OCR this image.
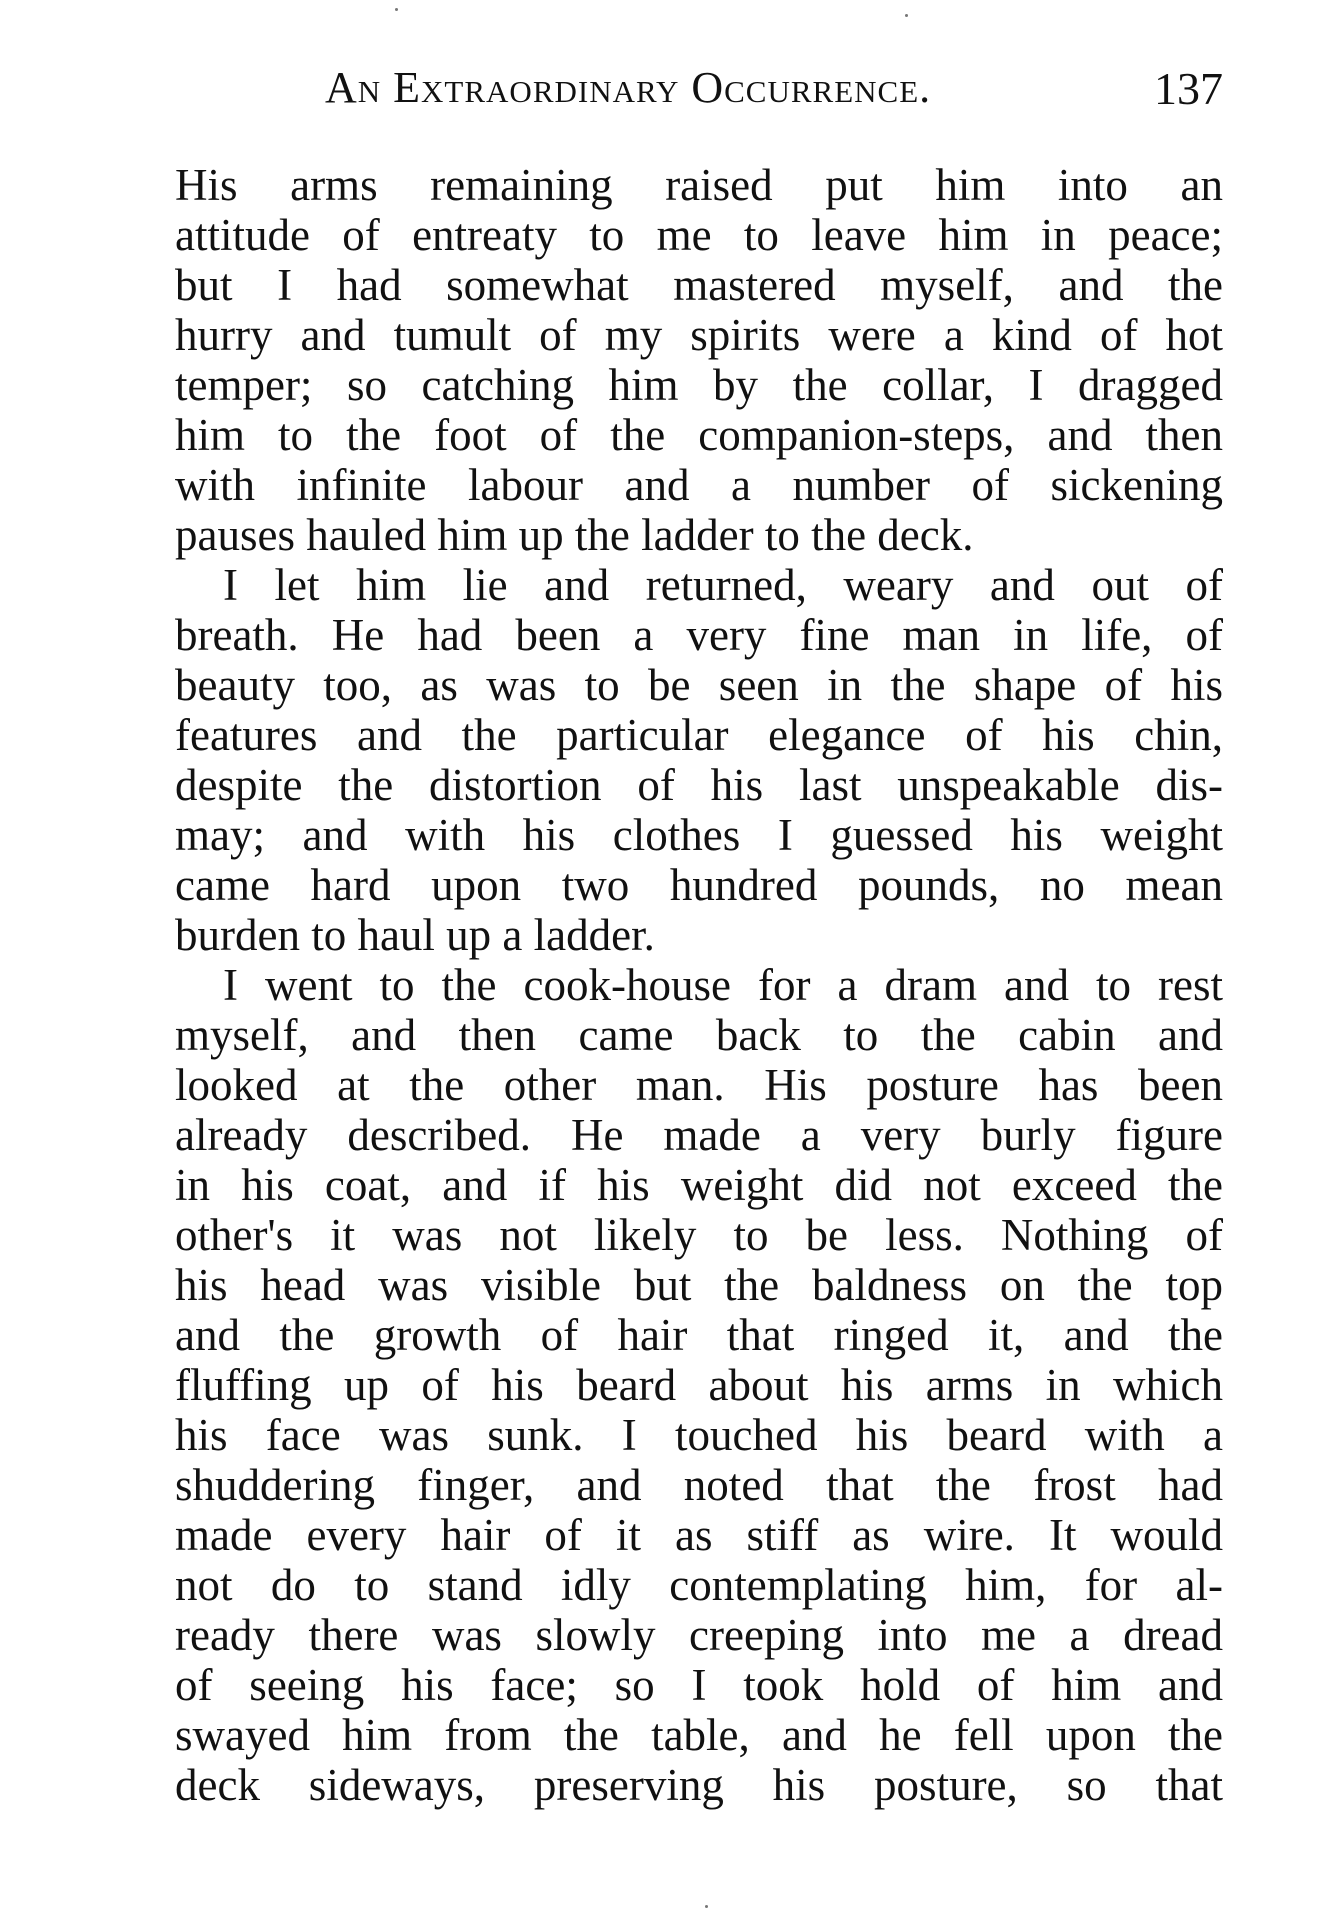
An Extraordinary Occurrence.	137
His arms remaining raised put him into an
attitude of entreaty to me to leave him in peace;
but I had somewhat mastered myself, and the
hurry and tumult of my spirits were a kind of hot
temper; so catching him by the collar, I dragged
him to the foot of the companion-steps, and then
with infinite labour and a number of sickening
pauses hauled him up the ladder to the deck.
I let him lie and returned, weary and out of
breath. He had been a very fine man in life, of
beauty too, as was to be seen in the shape of his
features and the particular elegance of his chin,
despite the distortion of his last unspeakable dis-
may; and with his clothes I guessed his weight
came hard upon two hundred pounds, no mean
burden to haul up a ladder.
I went to the cook-house for a dram and to rest
myself, and then came back to the cabin and
looked at the other man. His posture has been
already described. He made a very burly figure
in his coat, and if his weight did not exceed the
other's it was not likely to be less. Nothing of
his head was visible but the baldness on the top
and the growth of hair that ringed it, and the
fluffing up of his beard about his arms in which
his face was sunk. I touched his beard with a
shuddering finger, and noted that the frost had
made every hair of it as stiff as wire. It would
not do to stand idly contemplating him, for al-
ready there was slowly creeping into me a dread
of seeing his face; so I took hold of him and
swayed him from the table, and he fell upon the
deck sideways, preserving his posture, so that
